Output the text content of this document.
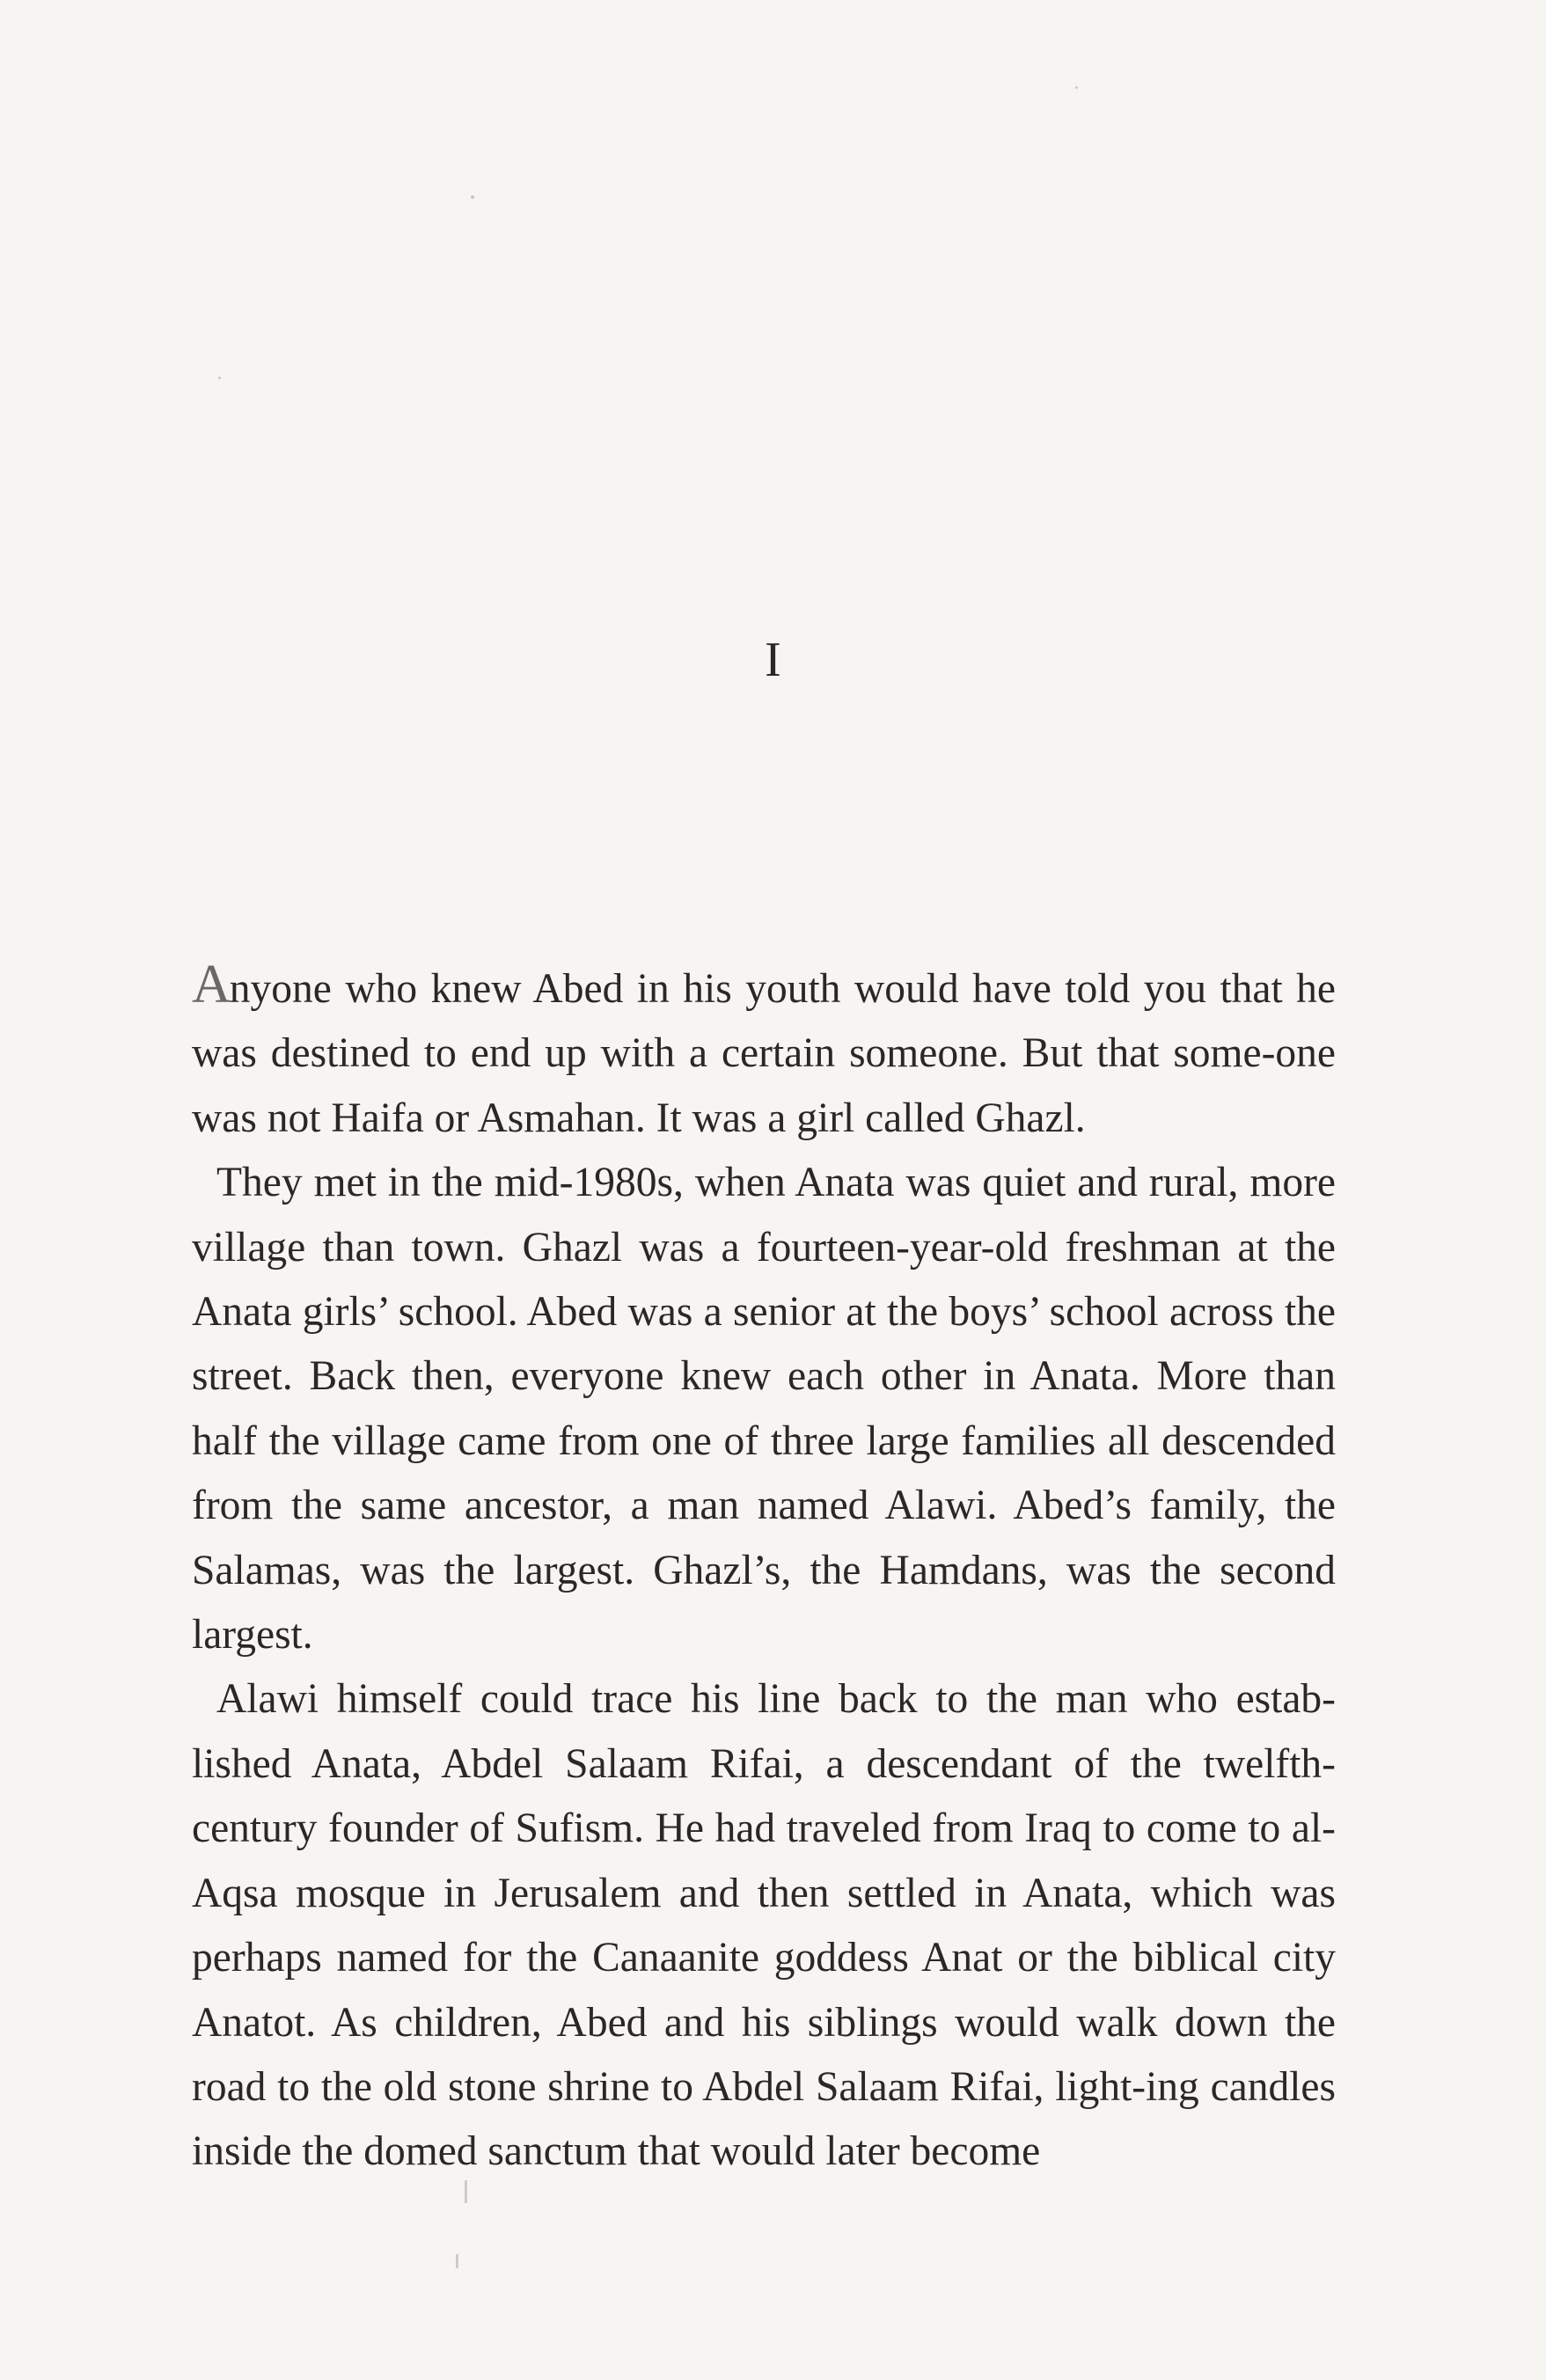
I

Anyone who knew Abed in his youth would have told you that he was destined to end up with a certain someone. But that some-one was not Haifa or Asmahan. It was a girl called Ghazl.

They met in the mid-1980s, when Anata was quiet and rural, more village than town. Ghazl was a fourteen-year-old freshman at the Anata girls’ school. Abed was a senior at the boys’ school across the street. Back then, everyone knew each other in Anata. More than half the village came from one of three large families all descended from the same ancestor, a man named Alawi. Abed’s family, the Salamas, was the largest. Ghazl’s, the Hamdans, was the second largest.

Alawi himself could trace his line back to the man who estab-lished Anata, Abdel Salaam Rifai, a descendant of the twelfth-century founder of Sufism. He had traveled from Iraq to come to al-Aqsa mosque in Jerusalem and then settled in Anata, which was perhaps named for the Canaanite goddess Anat or the biblical city Anatot. As children, Abed and his siblings would walk down the road to the old stone shrine to Abdel Salaam Rifai, light-ing candles inside the domed sanctum that would later become
